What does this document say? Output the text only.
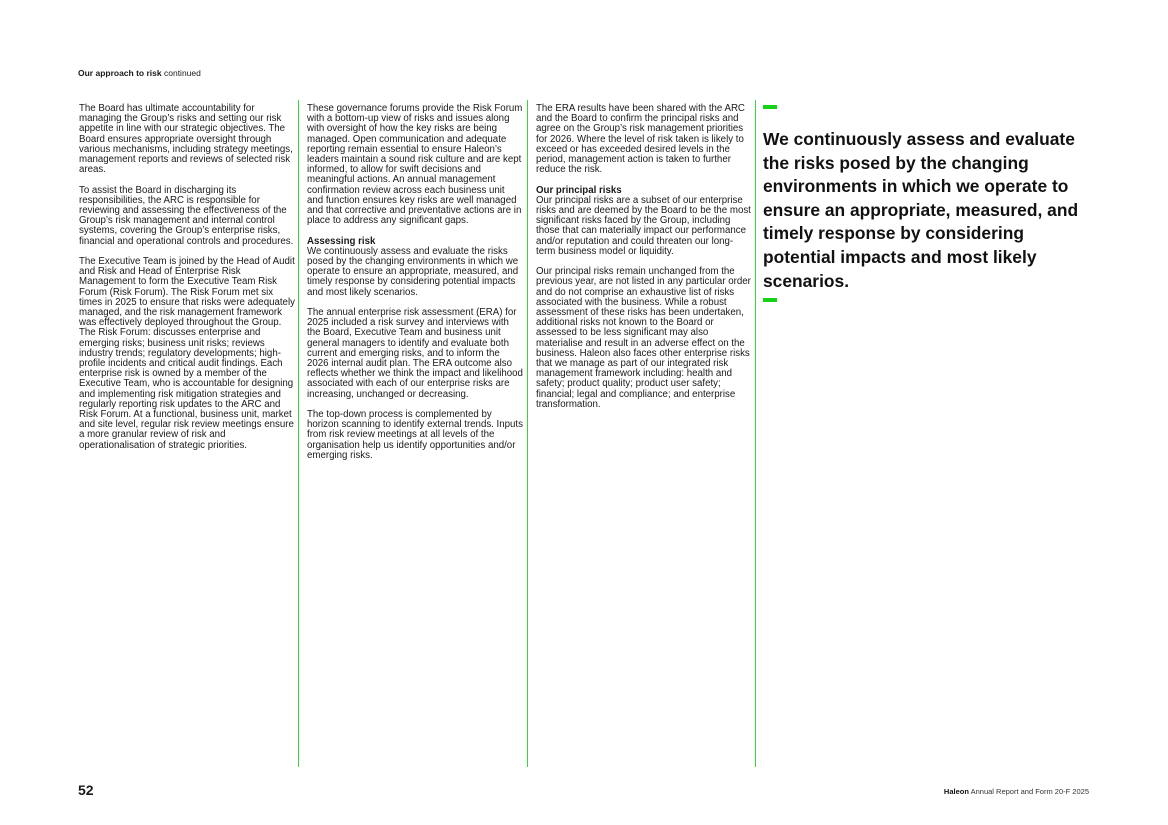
Our approach to risk continued

The Board has ultimate accountability for managing the Group’s risks and setting our risk appetite in line with our strategic objectives. The Board ensures appropriate oversight through various mechanisms, including strategy meetings, management reports and reviews of selected risk areas.

To assist the Board in discharging its responsibilities, the ARC is responsible for reviewing and assessing the effectiveness of the Group’s risk management and internal control systems, covering the Group’s enterprise risks, financial and operational controls and procedures.

The Executive Team is joined by the Head of Audit and Risk and Head of Enterprise Risk Management to form the Executive Team Risk Forum (Risk Forum). The Risk Forum met six times in 2025 to ensure that risks were adequately managed, and the risk management framework was effectively deployed throughout the Group. The Risk Forum: discusses enterprise and emerging risks; business unit risks; reviews industry trends; regulatory developments; high-profile incidents and critical audit findings. Each enterprise risk is owned by a member of the Executive Team, who is accountable for designing and implementing risk mitigation strategies and regularly reporting risk updates to the ARC and Risk Forum. At a functional, business unit, market and site level, regular risk review meetings ensure a more granular review of risk and operationalisation of strategic priorities.

These governance forums provide the Risk Forum with a bottom-up view of risks and issues along with oversight of how the key risks are being managed. Open communication and adequate reporting remain essential to ensure Haleon’s leaders maintain a sound risk culture and are kept informed, to allow for swift decisions and meaningful actions. An annual management confirmation review across each business unit and function ensures key risks are well managed and that corrective and preventative actions are in place to address any significant gaps.

Assessing risk

We continuously assess and evaluate the risks posed by the changing environments in which we operate to ensure an appropriate, measured, and timely response by considering potential impacts and most likely scenarios.

The annual enterprise risk assessment (ERA) for 2025 included a risk survey and interviews with the Board, Executive Team and business unit general managers to identify and evaluate both current and emerging risks, and to inform the 2026 internal audit plan. The ERA outcome also reflects whether we think the impact and likelihood associated with each of our enterprise risks are increasing, unchanged or decreasing.

The top-down process is complemented by horizon scanning to identify external trends. Inputs from risk review meetings at all levels of the organisation help us identify opportunities and/or emerging risks.

The ERA results have been shared with the ARC and the Board to confirm the principal risks and agree on the Group’s risk management priorities for 2026. Where the level of risk taken is likely to exceed or has exceeded desired levels in the period, management action is taken to further reduce the risk.

Our principal risks

Our principal risks are a subset of our enterprise risks and are deemed by the Board to be the most significant risks faced by the Group, including those that can materially impact our performance and/or reputation and could threaten our long-term business model or liquidity.

Our principal risks remain unchanged from the previous year, are not listed in any particular order and do not comprise an exhaustive list of risks associated with the business. While a robust assessment of these risks has been undertaken, additional risks not known to the Board or assessed to be less significant may also materialise and result in an adverse effect on the business. Haleon also faces other enterprise risks that we manage as part of our integrated risk management framework including: health and safety; product quality; product user safety; financial; legal and compliance; and enterprise transformation.

We continuously assess and evaluate the risks posed by the changing environments in which we operate to ensure an appropriate, measured, and timely response by considering potential impacts and most likely scenarios.
52	Haleon Annual Report and Form 20-F 2025
